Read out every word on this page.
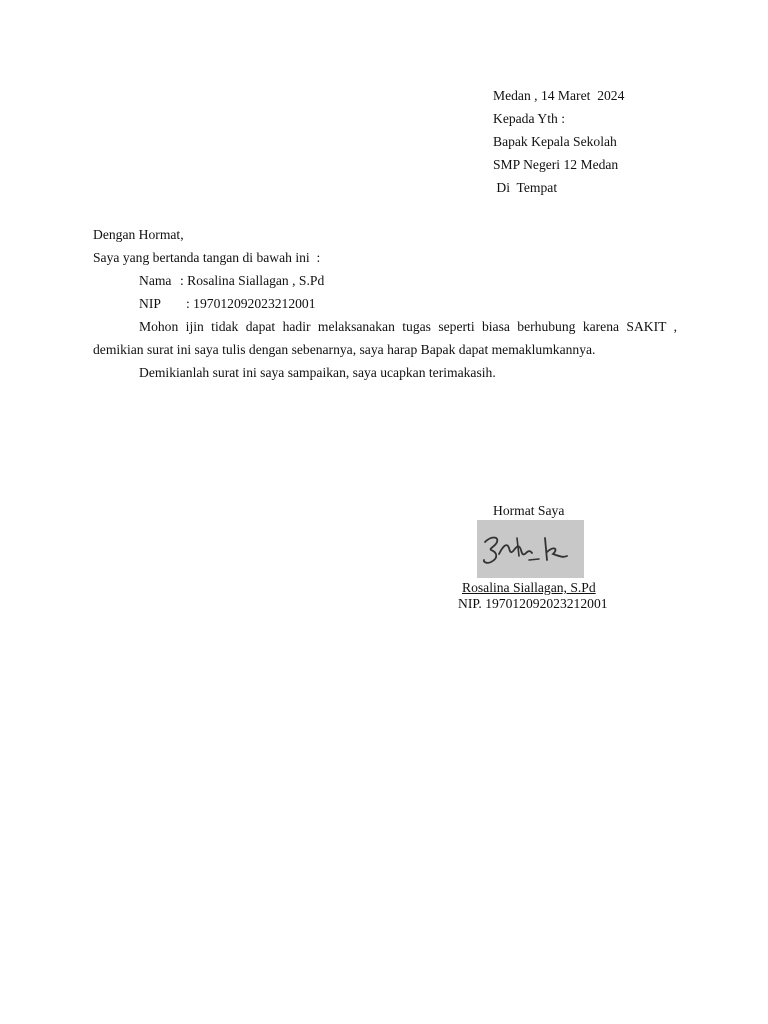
Medan , 14 Maret  2024
Kepada Yth :
Bapak Kepala Sekolah
SMP Negeri 12 Medan
Di  Tempat
Dengan Hormat,
Saya yang bertanda tangan di bawah ini  :
Nama : Rosalina Siallagan , S.Pd
NIP : 197012092023212001
Mohon ijin tidak dapat hadir melaksanakan tugas seperti biasa berhubung karena SAKIT ,
demikian surat ini saya tulis dengan sebenarnya, saya harap Bapak dapat memaklumkannya.
Demikianlah surat ini saya sampaikan, saya ucapkan terimakasih.
Hormat Saya
Rosalina Siallagan, S.Pd
NIP. 197012092023212001
